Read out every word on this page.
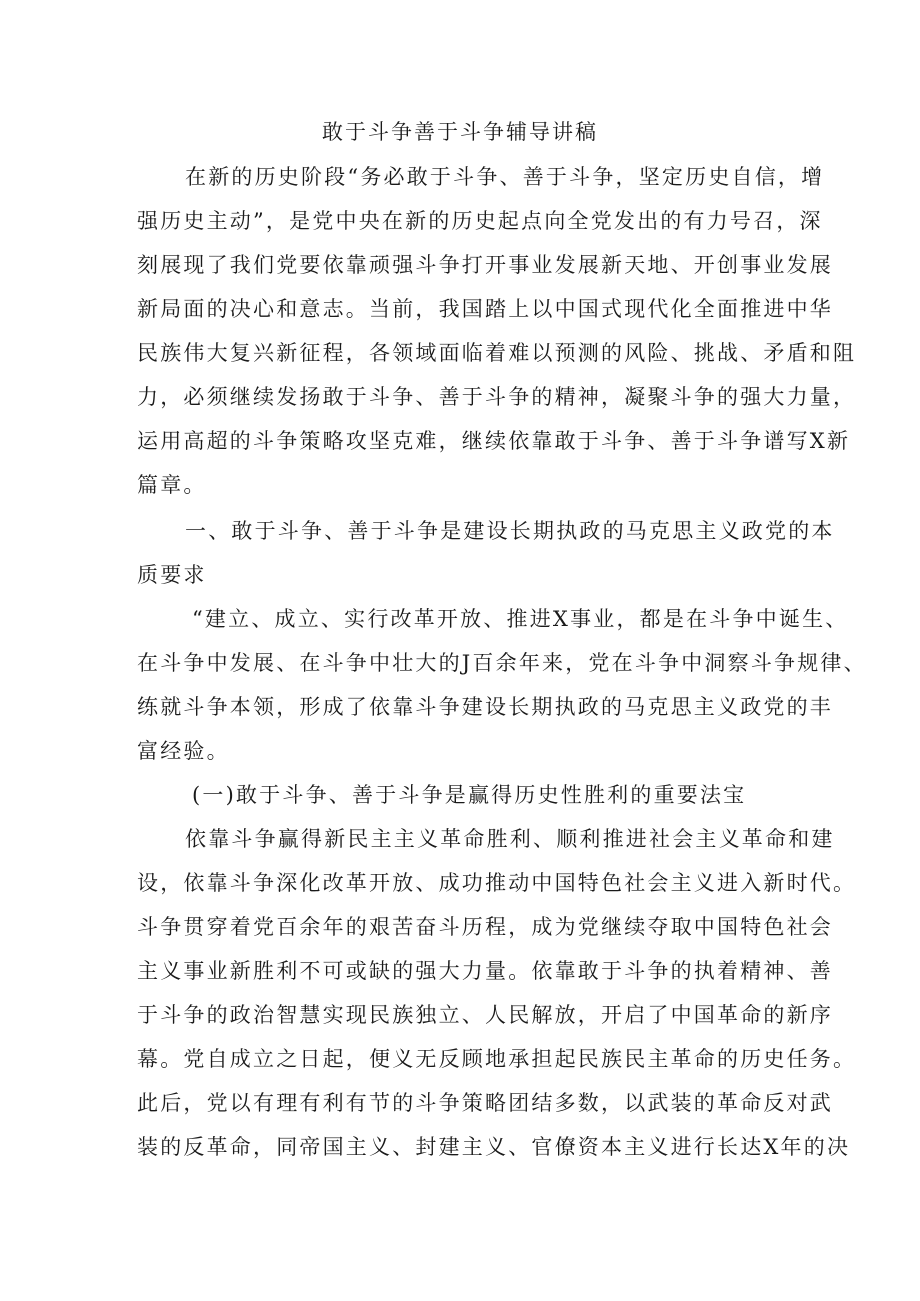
敢于斗争善于斗争辅导讲稿
在新的历史阶段“务必敢于斗争、善于斗争，坚定历史自信，增
强历史主动”，是党中央在新的历史起点向全党发出的有力号召，深
刻展现了我们党要依靠顽强斗争打开事业发展新天地、开创事业发展
新局面的决心和意志。当前，我国踏上以中国式现代化全面推进中华
民族伟大复兴新征程，各领域面临着难以预测的风险、挑战、矛盾和阻
力，必须继续发扬敢于斗争、善于斗争的精神，凝聚斗争的强大力量，
运用高超的斗争策略攻坚克难，继续依靠敢于斗争、善于斗争谱写X新
篇章。
一、敢于斗争、善于斗争是建设长期执政的马克思主义政党的本
质要求
“建立、成立、实行改革开放、推进X事业，都是在斗争中诞生、
在斗争中发展、在斗争中壮大的J百余年来，党在斗争中洞察斗争规律、
练就斗争本领，形成了依靠斗争建设长期执政的马克思主义政党的丰
富经验。
(一)敢于斗争、善于斗争是赢得历史性胜利的重要法宝
依靠斗争赢得新民主主义革命胜利、顺利推进社会主义革命和建
设，依靠斗争深化改革开放、成功推动中国特色社会主义进入新时代。
斗争贯穿着党百余年的艰苦奋斗历程，成为党继续夺取中国特色社会
主义事业新胜利不可或缺的强大力量。依靠敢于斗争的执着精神、善
于斗争的政治智慧实现民族独立、人民解放，开启了中国革命的新序
幕。党自成立之日起，便义无反顾地承担起民族民主革命的历史任务。
此后，党以有理有利有节的斗争策略团结多数，以武装的革命反对武
装的反革命，同帝国主义、封建主义、官僚资本主义进行长达X年的决
